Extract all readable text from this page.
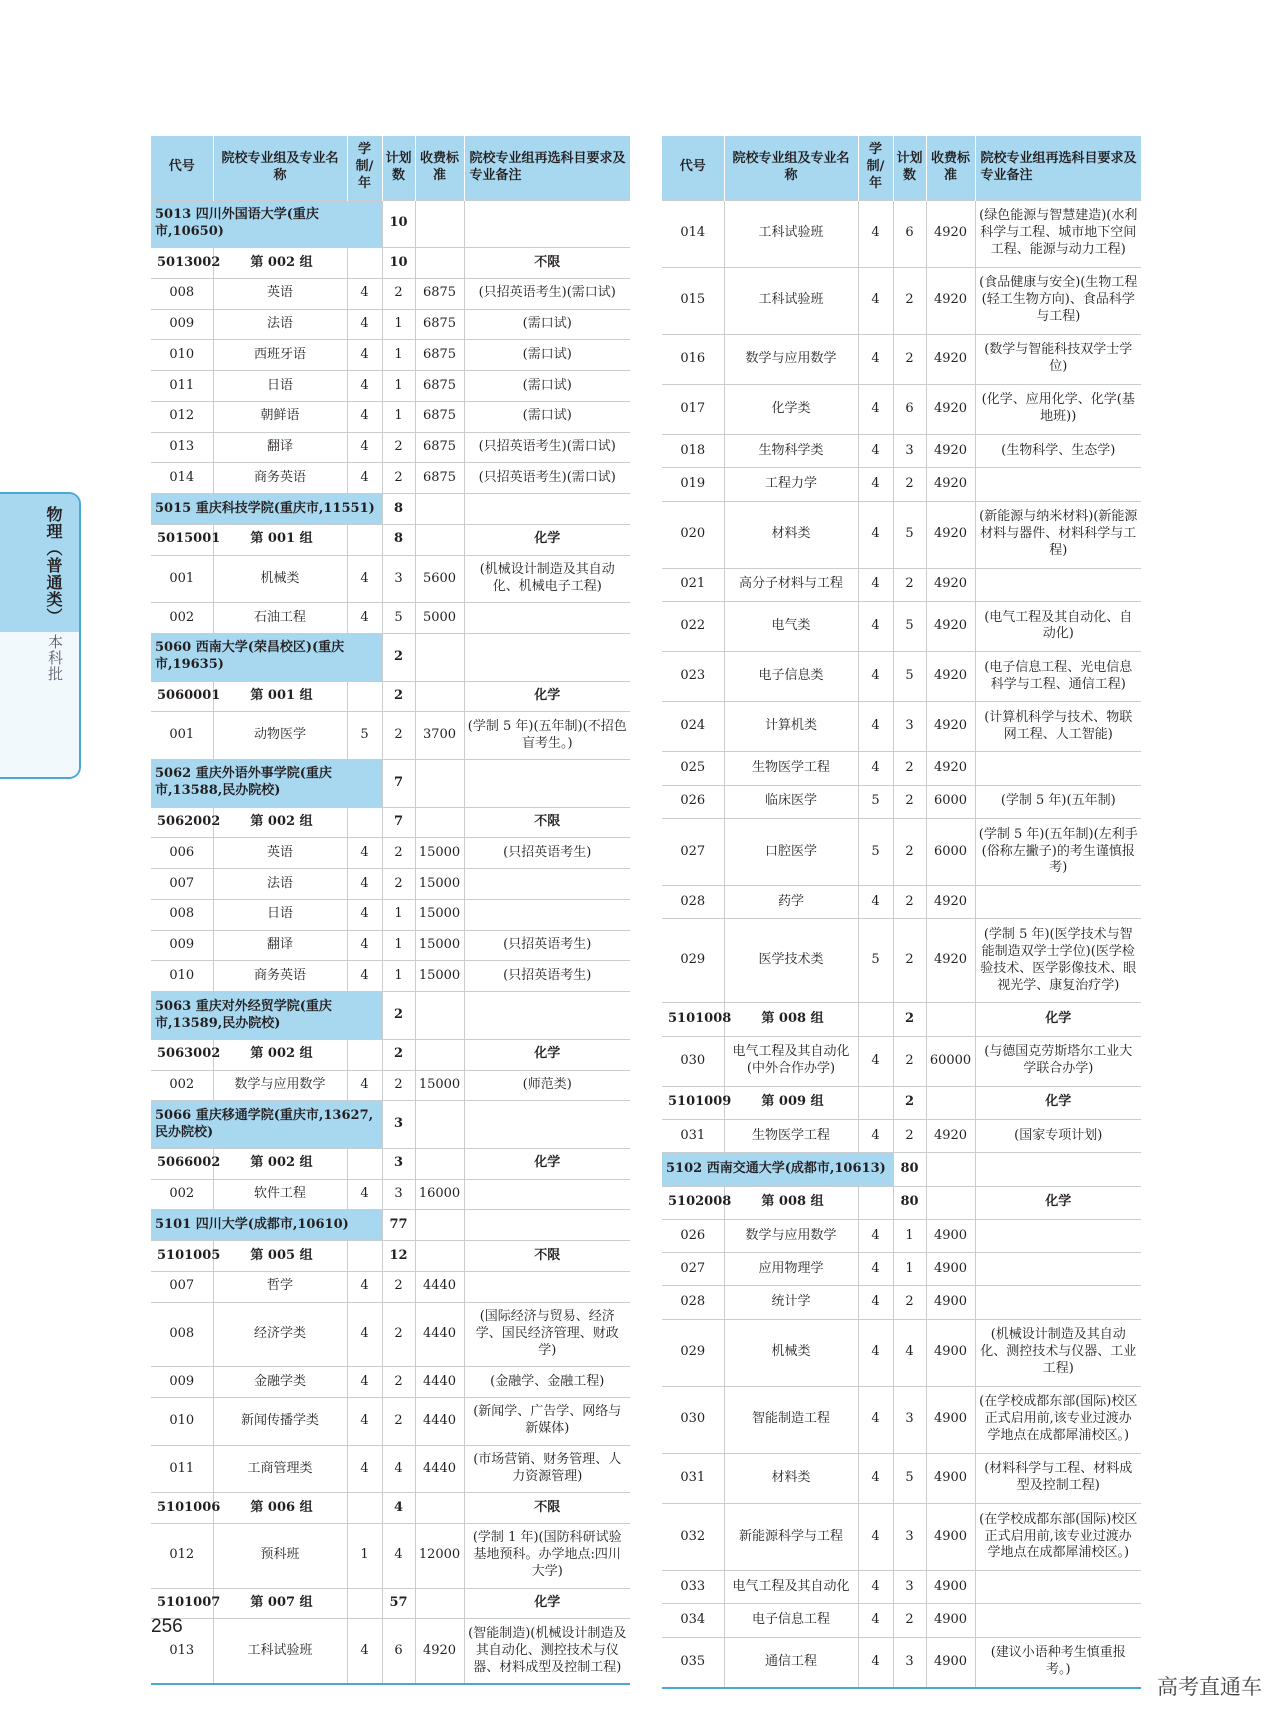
代号	院校专业组及专业名称	学制/年	计划数	收费标准	院校专业组再选科目要求及专业备注
5013 四川外国语大学(重庆市,10650)			10		
5013002	第 002 组		10		不限
008	英语	4	2	6875	(只招英语考生)(需口试)
009	法语	4	1	6875	(需口试)
010	西班牙语	4	1	6875	(需口试)
011	日语	4	1	6875	(需口试)
012	朝鲜语	4	1	6875	(需口试)
013	翻译	4	2	6875	(只招英语考生)(需口试)
014	商务英语	4	2	6875	(只招英语考生)(需口试)
5015 重庆科技学院(重庆市,11551)			8		
5015001	第 001 组		8		化学
001	机械类	4	3	5600	(机械设计制造及其自动化、机械电子工程)
002	石油工程	4	5	5000	
5060 西南大学(荣昌校区)(重庆市,19635)			2		
5060001	第 001 组		2		化学
001	动物医学	5	2	3700	(学制 5 年)(五年制)(不招色盲考生。)
5062 重庆外语外事学院(重庆市,13588,民办院校)			7		
5062002	第 002 组		7		不限
006	英语	4	2	15000	(只招英语考生)
007	法语	4	2	15000	
008	日语	4	1	15000	
009	翻译	4	1	15000	(只招英语考生)
010	商务英语	4	1	15000	(只招英语考生)
5063 重庆对外经贸学院(重庆市,13589,民办院校)			2		
5063002	第 002 组		2		化学
002	数学与应用数学	4	2	15000	(师范类)
5066 重庆移通学院(重庆市,13627,民办院校)			3		
5066002	第 002 组		3		化学
002	软件工程	4	3	16000	
5101 四川大学(成都市,10610)			77		
5101005	第 005 组		12		不限
007	哲学	4	2	4440	
008	经济学类	4	2	4440	(国际经济与贸易、经济学、国民经济管理、财政学)
009	金融学类	4	2	4440	(金融学、金融工程)
010	新闻传播学类	4	2	4440	(新闻学、广告学、网络与新媒体)
011	工商管理类	4	4	4440	(市场营销、财务管理、人力资源管理)
5101006	第 006 组		4		不限
012	预科班	1	4	12000	(学制 1 年)(国防科研试验基地预科。办学地点:四川大学)
5101007	第 007 组		57		化学
013	工科试验班	4	6	4920	(智能制造)(机械设计制造及其自动化、测控技术与仪器、材料成型及控制工程)
代号	院校专业组及专业名称	学制/年	计划数	收费标准	院校专业组再选科目要求及专业备注
014	工科试验班	4	6	4920	(绿色能源与智慧建造)(水利科学与工程、城市地下空间工程、能源与动力工程)
015	工科试验班	4	2	4920	(食品健康与安全)(生物工程(轻工生物方向)、食品科学与工程)
016	数学与应用数学	4	2	4920	(数学与智能科技双学士学位)
017	化学类	4	6	4920	(化学、应用化学、化学(基地班))
018	生物科学类	4	3	4920	(生物科学、生态学)
019	工程力学	4	2	4920	
020	材料类	4	5	4920	(新能源与纳米材料)(新能源材料与器件、材料科学与工程)
021	高分子材料与工程	4	2	4920	
022	电气类	4	5	4920	(电气工程及其自动化、自动化)
023	电子信息类	4	5	4920	(电子信息工程、光电信息科学与工程、通信工程)
024	计算机类	4	3	4920	(计算机科学与技术、物联网工程、人工智能)
025	生物医学工程	4	2	4920	
026	临床医学	5	2	6000	(学制 5 年)(五年制)
027	口腔医学	5	2	6000	(学制 5 年)(五年制)(左利手(俗称左撇子)的考生谨慎报考)
028	药学	4	2	4920	
029	医学技术类	5	2	4920	(学制 5 年)(医学技术与智能制造双学士学位)(医学检验技术、医学影像技术、眼视光学、康复治疗学)
5101008	第 008 组		2		化学
030	电气工程及其自动化(中外合作办学)	4	2	60000	(与德国克劳斯塔尔工业大学联合办学)
5101009	第 009 组		2		化学
031	生物医学工程	4	2	4920	(国家专项计划)
5102 西南交通大学(成都市,10613)			80		
5102008	第 008 组		80		化学
026	数学与应用数学	4	1	4900	
027	应用物理学	4	1	4900	
028	统计学	4	2	4900	
029	机械类	4	4	4900	(机械设计制造及其自动化、测控技术与仪器、工业工程)
030	智能制造工程	4	3	4900	(在学校成都东部(国际)校区正式启用前,该专业过渡办学地点在成都犀浦校区。)
031	材料类	4	5	4900	(材料科学与工程、材料成型及控制工程)
032	新能源科学与工程	4	3	4900	(在学校成都东部(国际)校区正式启用前,该专业过渡办学地点在成都犀浦校区。)
033	电气工程及其自动化	4	3	4900	
034	电子信息工程	4	2	4900	
035	通信工程	4	3	4900	(建议小语种考生慎重报考。)
物理（普通类）
本科批
256
高考直通车
